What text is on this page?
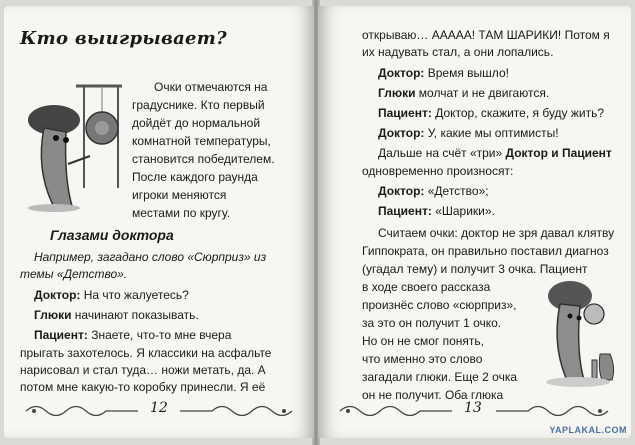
Кто выигрывает?
Очки отмечаются на
градуснике. Кто первый
дойдёт до нормальной
комнатной температуры,
становится победителем.
После каждого раунда
игроки меняются
местами по кругу.
Глазами доктора
Например, загадано слово «Сюрприз» из
темы «Детство».
Доктор: На что жалуетесь?
Глюки начинают показывать.
Пациент: Знаете, что-то мне вчера
прыгать захотелось. Я классики на асфальте
нарисовал и стал туда… ножи метать, да. А
потом мне какую-то коробку принесли. Я её
12
открываю… ААААА! ТАМ ШАРИКИ! Потом я
их надувать стал, а они лопались.
Доктор: Время вышло!
Глюки молчат и не двигаются.
Пациент: Доктор, скажите, я буду жить?
Доктор: У, какие мы оптимисты!
Дальше на счёт «три» Доктор и Пациент
одновременно произносят:
Доктор: «Детство»;
Пациент: «Шарики».
Считаем очки: доктор не зря давал клятву
Гиппократа, он правильно поставил диагноз
(угадал тему) и получит 3 очка. Пациент
в ходе своего рассказа
произнёс слово «сюрприз»,
за это он получит 1 очко.
Но он не смог понять,
что именно это слово
загадали глюки. Еще 2 очка
он не получит. Оба глюка
13
YAPLAKAL.COM
